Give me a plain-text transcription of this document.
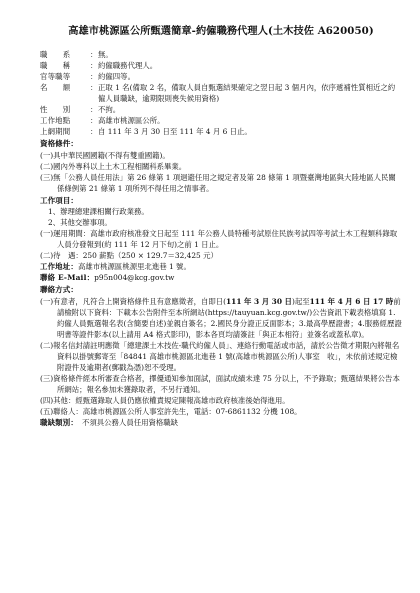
高雄市桃源區公所甄選簡章-約僱職務代理人(土木技佐 A620050)
職　　系	： 無。
職　　稱	： 約僱職務代理人。
官等職等	： 約僱四等。
名　　額	： 正取 1 名(備取 2 名，備取人員自甄選結果確定之翌日起 3 個月內，依序遞補性質相近之約僱人員職缺，逾期限則喪失候用資格)
性　　別	： 不拘。
工作地點	： 高雄市桃源區公所。
上網期間	： 自 111 年 3 月 30 日至 111 年 4 月 6 日止。
資格條件：
(一)具中華民國國籍(不得有雙重國籍)。
(二)國內外專科以上土木工程相關科系畢業。
(三)無「公務人員任用法」第 26 條第 1 項迴避任用之規定者及第 28 條第 1 項暨臺灣地區與大陸地區人民關係條例第 21 條第 1 項所列不得任用之情事者。
工作項目：
1、辦理總建課相關行政業務。
2、其他交辦事項。
(一)運用期間：高雄市政府核准發文日起至 111 年公務人員特種考試原住民族考試四等考試土木工程類科錄取人員分發報到(約 111 年 12 月下旬)之前 1 日止。
(二)待　遇：250 薪點（250 × 129.7＝32,425 元）
工作地址： 高雄市桃源區桃源里北進巷 1 號。
聯絡 E-Mail： p95n004@kcg.gov.tw
聯絡方式：
(一)有意者，凡符合上開資格條件且有意應徵者，自即日(111 年 3 月 30 日)起至111 年 4 月 6 日 17 時前請檢附以下資料：下載本公告附件至本所網站(https://tauyuan.kcg.gov.tw/)公告資訊下載表格填寫 1.約僱人員甄選報名表(含簡要自述)並親自簽名；2.國民身分證正反面影本；3.最高學歷證書；4.服務經歷證明書等證件影本(以上請用 A4 格式影印)，影本各頁均請簽註「與正本相符」並簽名或蓋私章)。
(二)報名信封請註明應徵「總建課土木技佐-職代約僱人員」、連絡行動電話或市話，請於公告徵才期限內將報名資料以掛號郵寄至「84841 高雄市桃源區北進巷 1 號(高雄市桃源區公所)人事室　收」，未依前述規定檢附證件及逾期者(郵戳為憑)恕不受理。
(三)資格條件經本所審查合格者，擇優通知參加面試，面試成績未達 75 分以上，不予錄取；甄選結果將公告本所網站；報名參加未獲錄取者，不另行通知。
(四)其他：經甄選錄取人員仍應依權責規定陳報高雄市政府核准後始得進用。
(五)聯絡人：高雄市桃源區公所人事室許先生，電話：07-6861132 分機 108。
職缺類別： 不須具公務人員任用資格職缺
